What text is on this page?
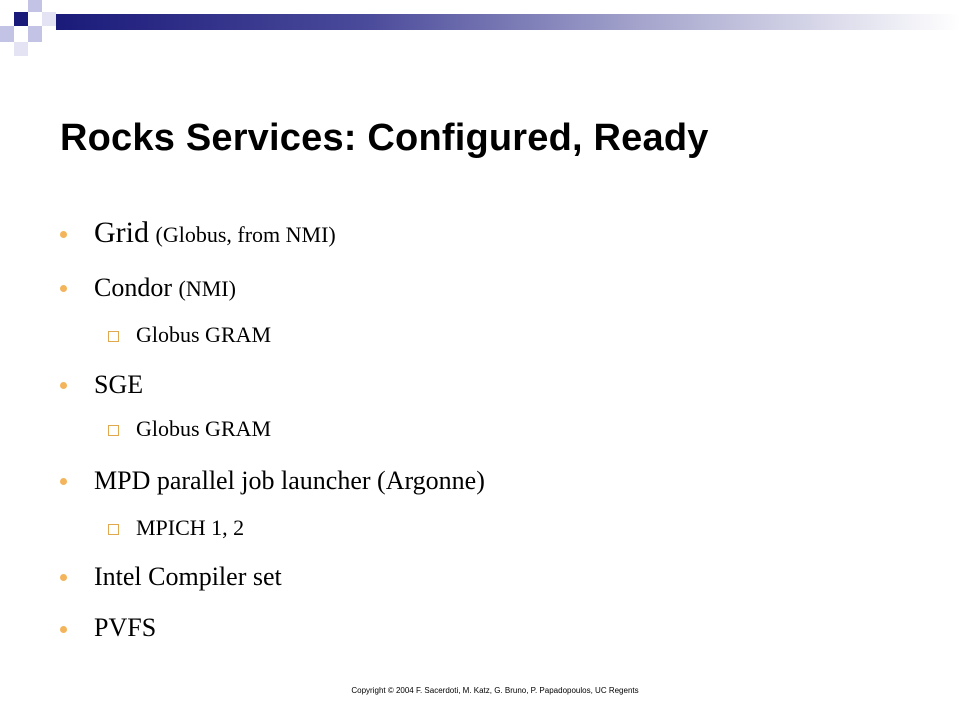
Rocks Services: Configured, Ready
Grid (Globus, from NMI)
Condor (NMI)
Globus GRAM
SGE
Globus GRAM
MPD parallel job launcher (Argonne)
MPICH 1, 2
Intel Compiler set
PVFS
Copyright © 2004 F. Sacerdoti, M. Katz, G. Bruno, P. Papadopoulos, UC Regents
